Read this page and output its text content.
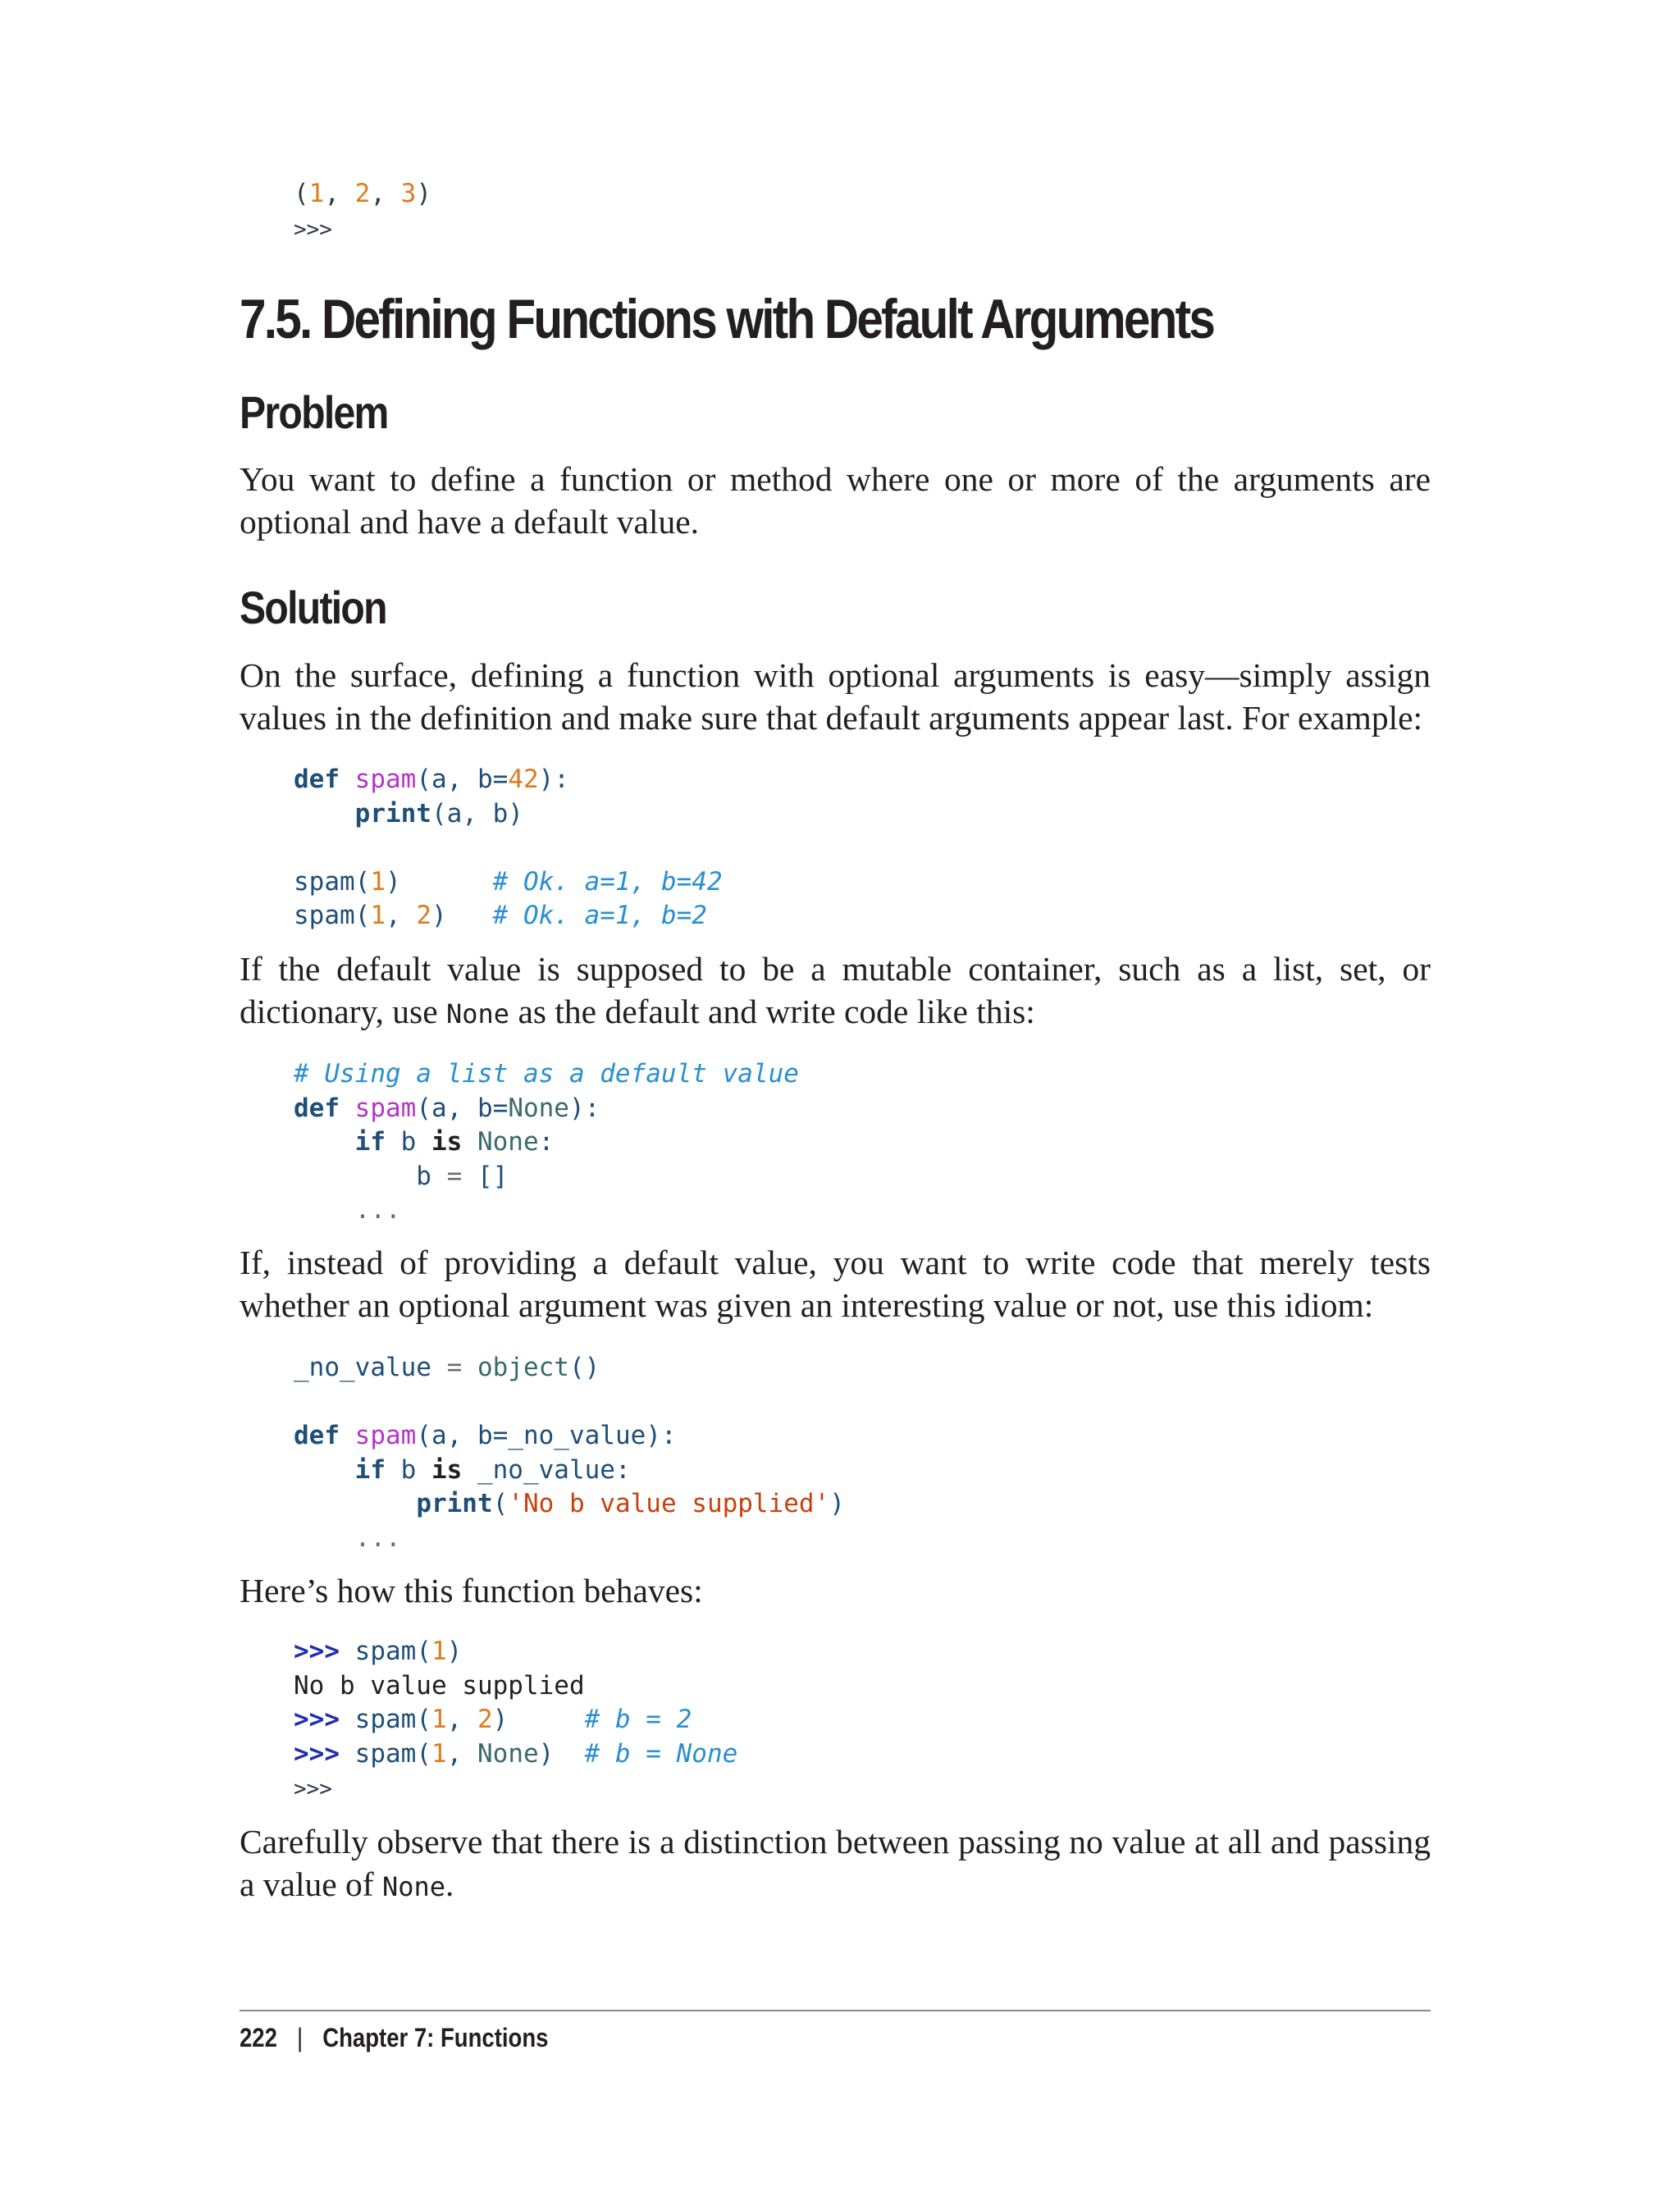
(1, 2, 3)
>>>
7.5. Defining Functions with Default Arguments
Problem

You want to define a function or method where one or more of the arguments are optional and have a default value.

Solution

On the surface, defining a function with optional arguments is easy—simply assign values in the definition and make sure that default arguments appear last. For example:

def spam(a, b=42):
print(a, b)
spam(1)      # Ok. a=1, b=42
spam(1, 2)   # Ok. a=1, b=2

If the default value is supposed to be a mutable container, such as a list, set, or dictionary, use None as the default and write code like this:

# Using a list as a default value
def spam(a, b=None):
if b is None:
b = []
...

If, instead of providing a default value, you want to write code that merely tests whether an optional argument was given an interesting value or not, use this idiom:

_no_value = object()
def spam(a, b=_no_value):
if b is _no_value:
print('No b value supplied')
...

Here’s how this function behaves:

>>> spam(1)
No b value supplied
>>> spam(1, 2)     # b = 2
>>> spam(1, None)  # b = None
>>>

Carefully observe that there is a distinction between passing no value at all and passing a value of None.

222 | Chapter 7: Functions
